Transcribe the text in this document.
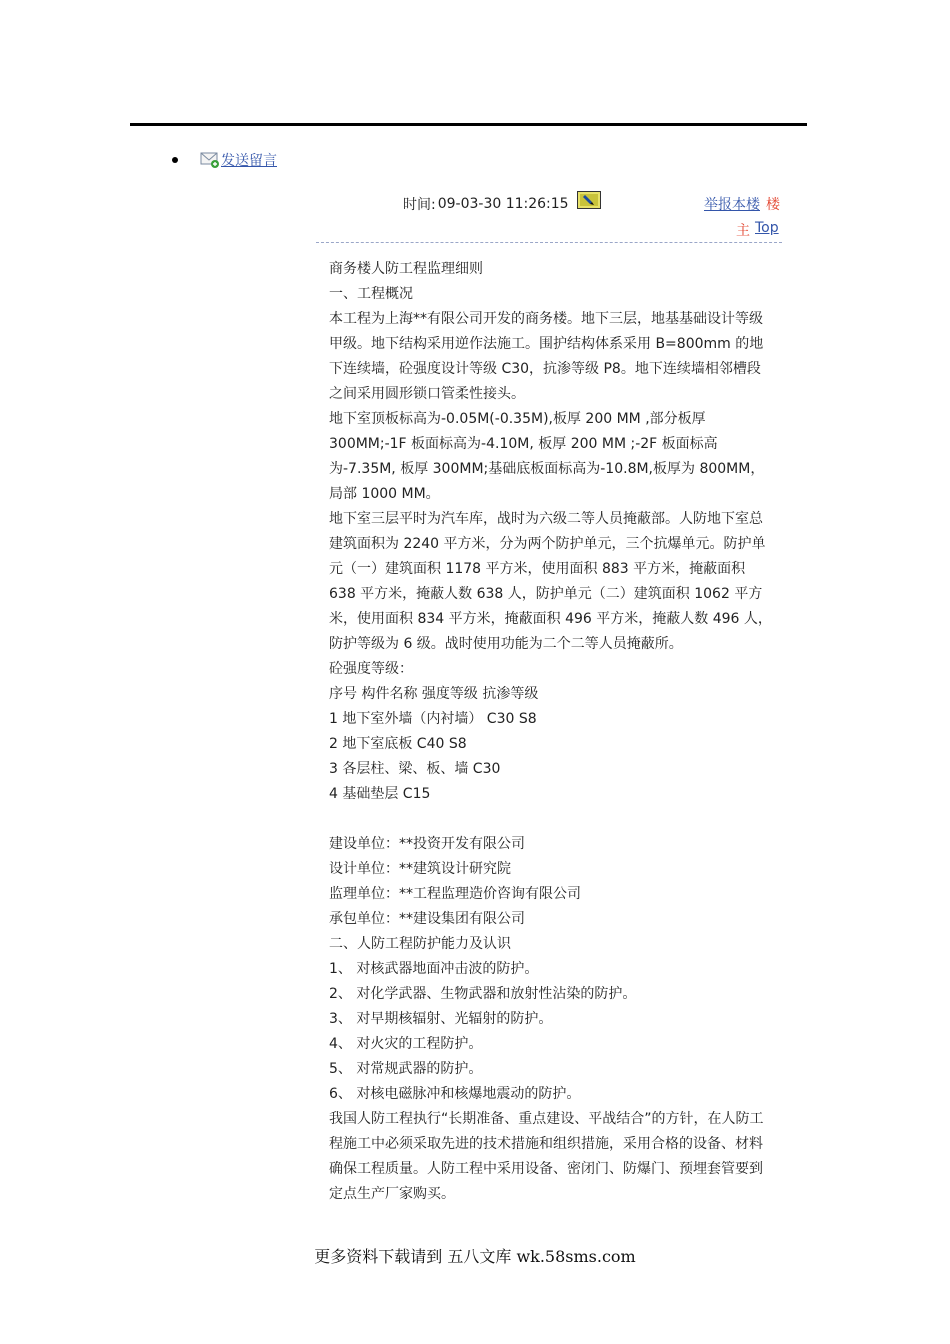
发送留言
时间: 09-03-30 11:26:15	举报本楼 楼
主 Top

商务楼人防工程监理细则

一、工程概况

本工程为上海**有限公司开发的商务楼。地下三层，地基基础设计等级甲级。地下结构采用逆作法施工。围护结构体系采用 B=800mm 的地下连续墙，砼强度设计等级 C30，抗渗等级 P8。地下连续墙相邻槽段之间采用圆形锁口管柔性接头。

地下室顶板标高为-0.05M(-0.35M),板厚 200 MM ,部分板厚 300MM;-1F 板面标高为-4.10M, 板厚 200 MM ;-2F 板面标高为-7.35M, 板厚 300MM;基础底板面标高为-10.8M,板厚为 800MM，局部 1000 MM。

地下室三层平时为汽车库，战时为六级二等人员掩蔽部。人防地下室总建筑面积为 2240 平方米，分为两个防护单元，三个抗爆单元。防护单元（一）建筑面积 1178 平方米，使用面积 883 平方米，掩蔽面积 638 平方米，掩蔽人数 638 人，防护单元（二）建筑面积 1062 平方米，使用面积 834 平方米，掩蔽面积 496 平方米，掩蔽人数 496 人，防护等级为 6 级。战时使用功能为二个二等人员掩蔽所。

砼强度等级：

序号 构件名称 强度等级 抗渗等级

1 地下室外墙（内衬墙） C30 S8

2 地下室底板 C40 S8

3 各层柱、梁、板、墙 C30

4 基础垫层 C15

建设单位：**投资开发有限公司

设计单位：**建筑设计研究院

监理单位：**工程监理造价咨询有限公司

承包单位：**建设集团有限公司

二、人防工程防护能力及认识

1、 对核武器地面冲击波的防护。

2、 对化学武器、生物武器和放射性沾染的防护。

3、 对早期核辐射、光辐射的防护。

4、 对火灾的工程防护。

5、 对常规武器的防护。

6、 对核电磁脉冲和核爆地震动的防护。

我国人防工程执行“长期准备、重点建设、平战结合”的方针，在人防工程施工中必须采取先进的技术措施和组织措施，采用合格的设备、材料确保工程质量。人防工程中采用设备、密闭门、防爆门、预埋套管要到定点生产厂家购买。

更多资料下载请到 五八文库 wk.58sms.com
